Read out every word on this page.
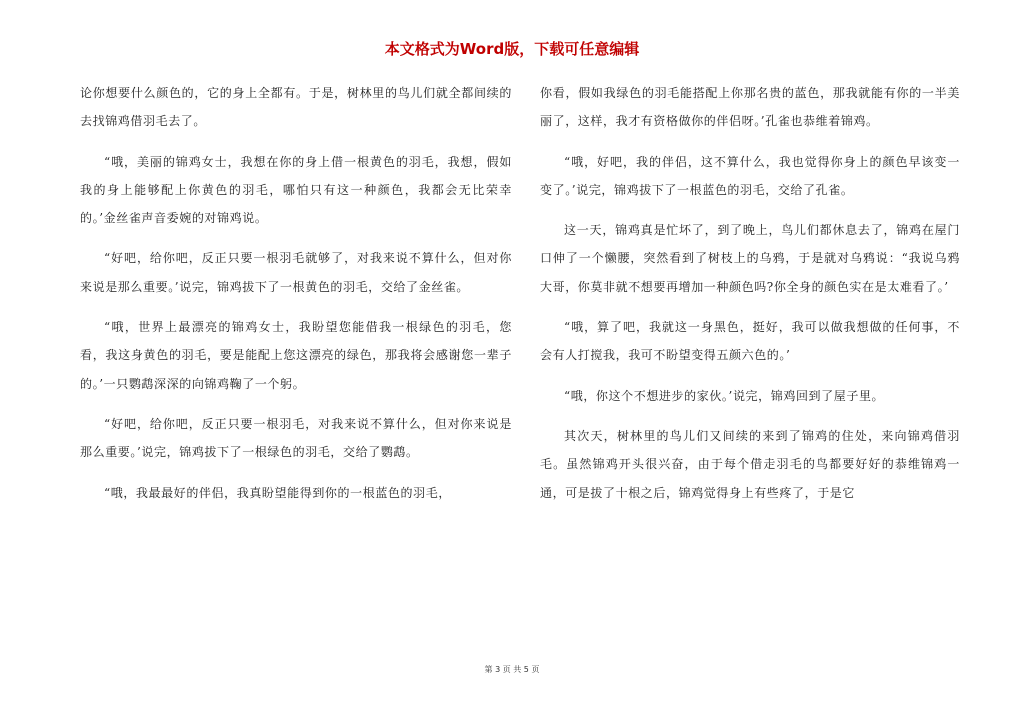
本文格式为Word版，下载可任意编辑

论你想要什么颜色的，它的身上全都有。于是，树林里的鸟儿们就全都间续的去找锦鸡借羽毛去了。

“哦，美丽的锦鸡女士，我想在你的身上借一根黄色的羽毛，我想，假如我的身上能够配上你黄色的羽毛，哪怕只有这一种颜色，我都会无比荣幸的。’金丝雀声音委婉的对锦鸡说。

“好吧，给你吧，反正只要一根羽毛就够了，对我来说不算什么，但对你来说是那么重要。’说完，锦鸡拔下了一根黄色的羽毛，交给了金丝雀。

“哦，世界上最漂亮的锦鸡女士，我盼望您能借我一根绿色的羽毛，您看，我这身黄色的羽毛，要是能配上您这漂亮的绿色，那我将会感谢您一辈子的。’一只鹦鹉深深的向锦鸡鞠了一个躬。

“好吧，给你吧，反正只要一根羽毛，对我来说不算什么，但对你来说是那么重要。’说完，锦鸡拔下了一根绿色的羽毛，交给了鹦鹉。

“哦，我最最好的伴侣，我真盼望能得到你的一根蓝色的羽毛，

你看，假如我绿色的羽毛能搭配上你那名贵的蓝色，那我就能有你的一半美丽了，这样，我才有资格做你的伴侣呀。’孔雀也恭维着锦鸡。

“哦，好吧，我的伴侣，这不算什么，我也觉得你身上的颜色早该变一变了。’说完，锦鸡拔下了一根蓝色的羽毛，交给了孔雀。

这一天，锦鸡真是忙坏了，到了晚上，鸟儿们都休息去了，锦鸡在屋门口伸了一个懒腰，突然看到了树枝上的乌鸦，于是就对乌鸦说：“我说乌鸦大哥，你莫非就不想要再增加一种颜色吗?你全身的颜色实在是太难看了。’

“哦，算了吧，我就这一身黑色，挺好，我可以做我想做的任何事，不会有人打搅我，我可不盼望变得五颜六色的。’

“哦，你这个不想进步的家伙。’说完，锦鸡回到了屋子里。

其次天，树林里的鸟儿们又间续的来到了锦鸡的住处，来向锦鸡借羽毛。虽然锦鸡开头很兴奋，由于每个借走羽毛的鸟都要好好的恭维锦鸡一通，可是拔了十根之后，锦鸡觉得身上有些疼了，于是它

第 3 页 共 5 页
